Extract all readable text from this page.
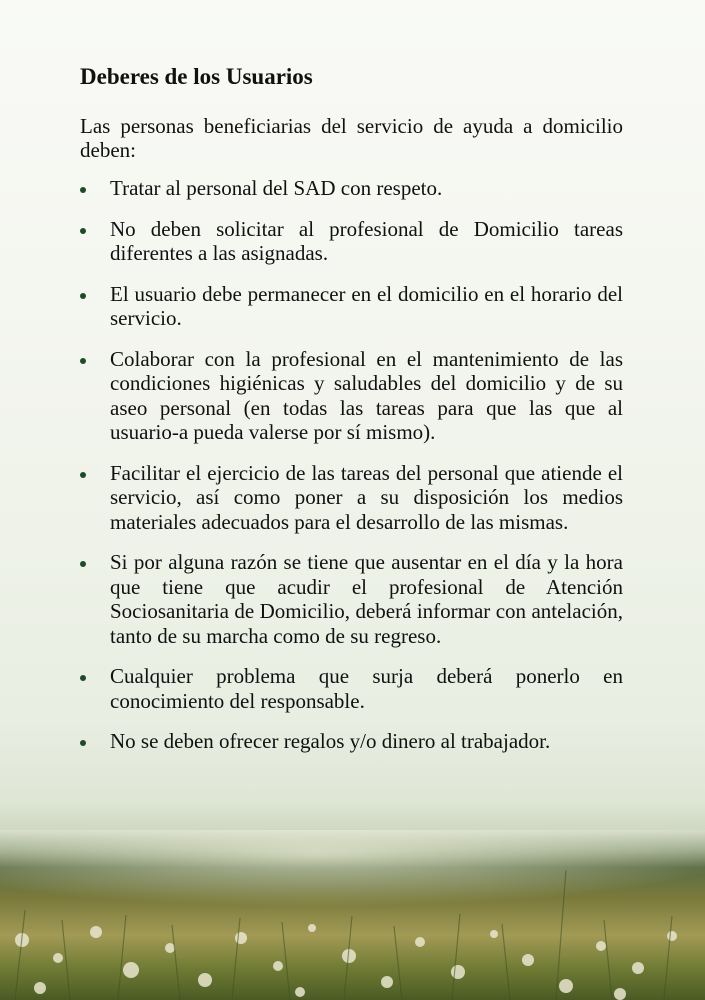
Deberes de los Usuarios

Las personas beneficiarias del servicio de ayuda a domicilio deben:

Tratar al personal del SAD con respeto.
No deben solicitar al profesional de Domicilio tareas diferentes a las asignadas.
El usuario debe permanecer en el domicilio en el horario del servicio.
Colaborar con la profesional en el mantenimiento de las condiciones higiénicas y saludables del domicilio y de su aseo personal (en todas las tareas para que las que al usuario-a pueda valerse por sí mismo).
Facilitar el ejercicio de las tareas del personal que atiende el servicio, así como poner a su disposición los medios materiales adecuados para el desarrollo de las mismas.
Si por alguna razón se tiene que ausentar en el día y la hora que tiene que acudir el profesional de Atención Sociosanitaria de Domicilio, deberá informar con antelación, tanto de su marcha como de su regreso.
Cualquier problema que surja deberá ponerlo en conocimiento del responsable.
No se deben ofrecer regalos y/o dinero al trabajador.
